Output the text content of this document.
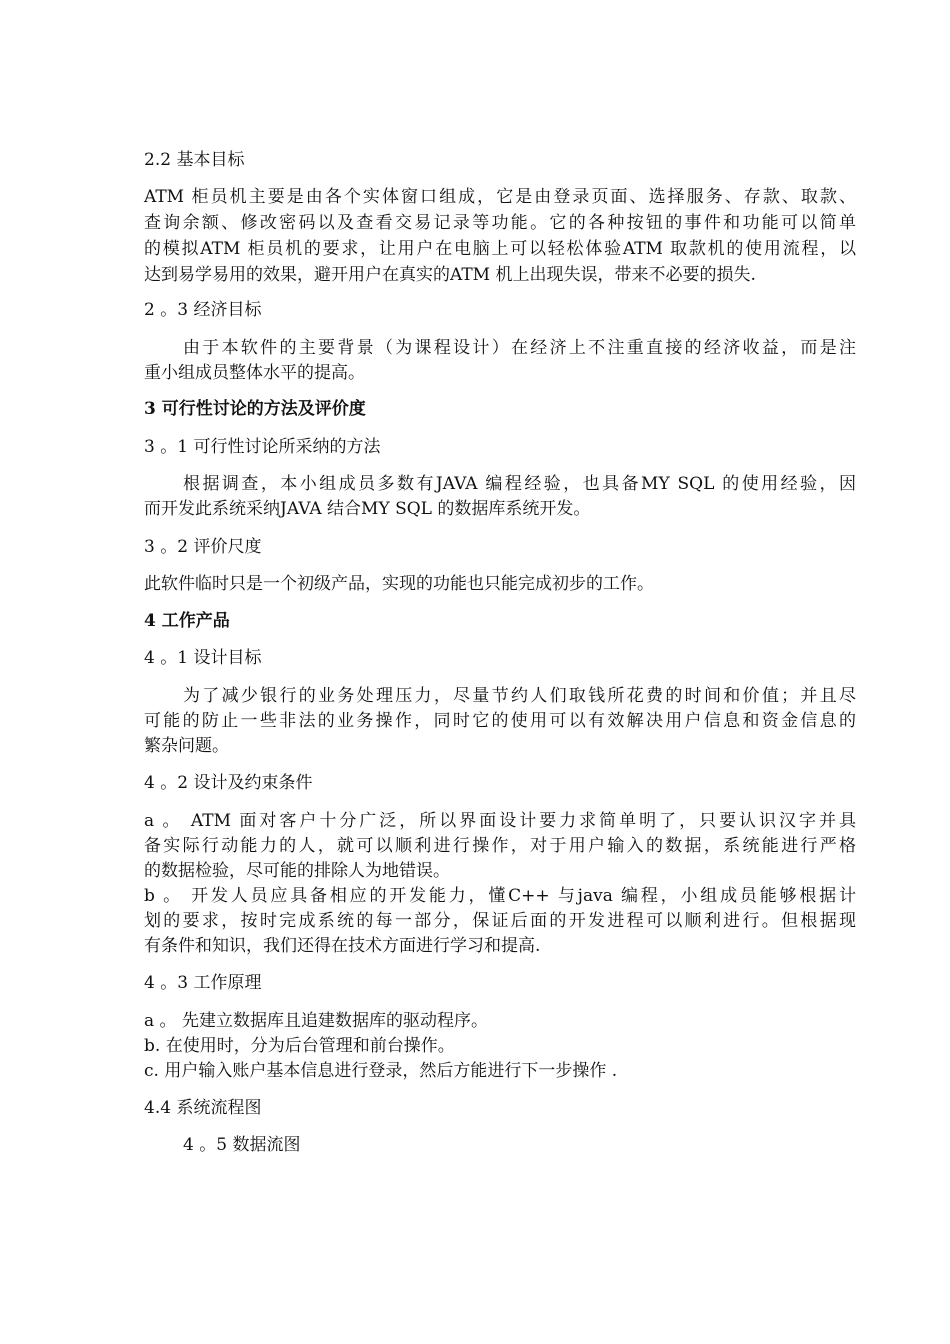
2.2 基本目标
ATM 柜员机主要是由各个实体窗口组成，它是由登录页面、选择服务、存款、取款、
查询余额、修改密码以及查看交易记录等功能。它的各种按钮的事件和功能可以简单
的模拟ATM 柜员机的要求，让用户在电脑上可以轻松体验ATM 取款机的使用流程，以
达到易学易用的效果，避开用户在真实的ATM 机上出现失误，带来不必要的损失.
2 。3 经济目标
由于本软件的主要背景（为课程设计）在经济上不注重直接的经济收益，而是注
重小组成员整体水平的提高。
3 可行性讨论的方法及评价度
3 。1 可行性讨论所采纳的方法
根据调查，本小组成员多数有JAVA 编程经验，也具备MY SQL 的使用经验，因
而开发此系统采纳JAVA 结合MY SQL 的数据库系统开发。
3 。2 评价尺度
此软件临时只是一个初级产品，实现的功能也只能完成初步的工作。
4 工作产品
4 。1 设计目标
为了减少银行的业务处理压力，尽量节约人们取钱所花费的时间和价值；并且尽
可能的防止一些非法的业务操作，同时它的使用可以有效解决用户信息和资金信息的
繁杂问题。
4 。2 设计及约束条件
a 。 ATM 面对客户十分广泛，所以界面设计要力求简单明了，只要认识汉字并具
备实际行动能力的人，就可以顺利进行操作，对于用户输入的数据，系统能进行严格
的数据检验，尽可能的排除人为地错误。
b 。 开发人员应具备相应的开发能力，懂C++ 与java 编程，小组成员能够根据计
划的要求，按时完成系统的每一部分，保证后面的开发进程可以顺利进行。但根据现
有条件和知识，我们还得在技术方面进行学习和提高.
4 。3 工作原理
a 。 先建立数据库且追建数据库的驱动程序。
b. 在使用时，分为后台管理和前台操作。
c. 用户输入账户基本信息进行登录，然后方能进行下一步操作 .
4.4 系统流程图
4 。5 数据流图
